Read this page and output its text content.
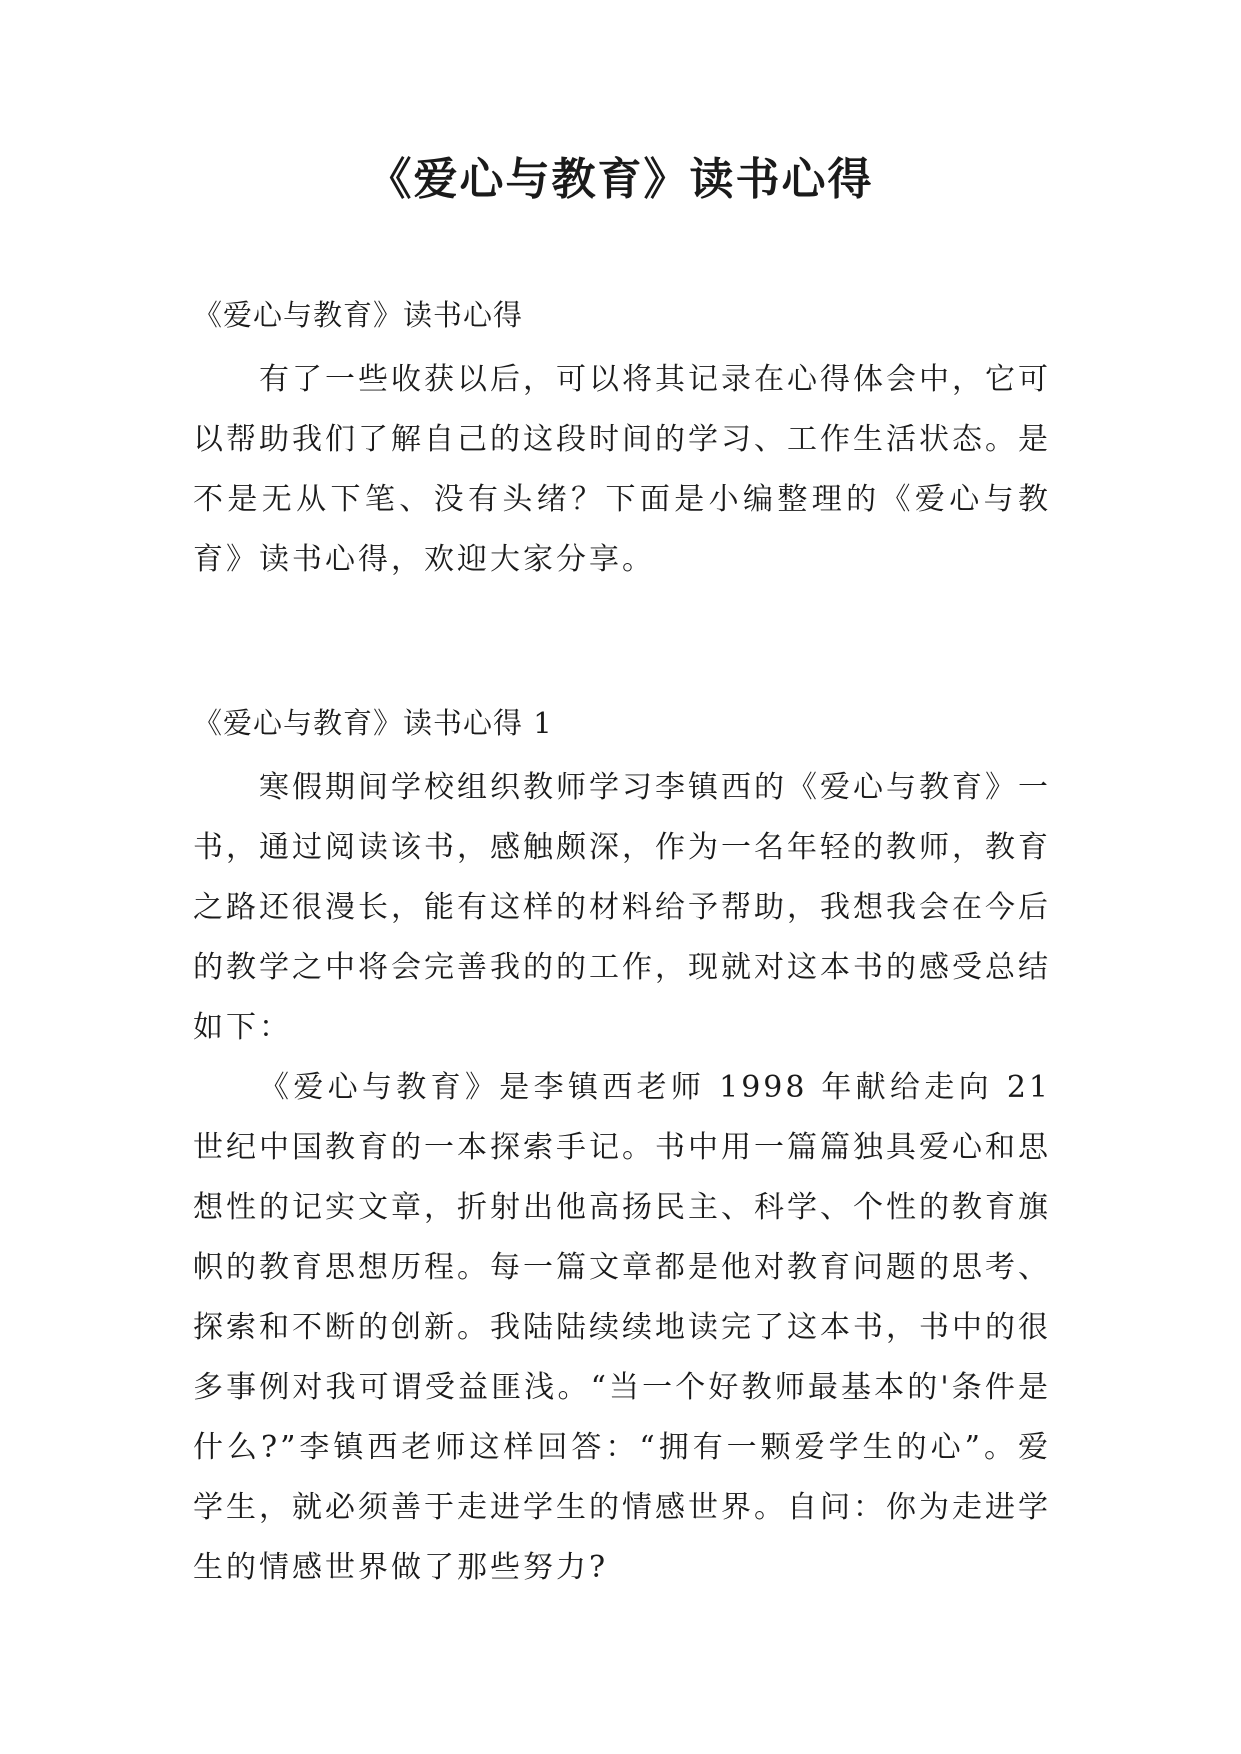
《爱心与教育》读书心得

《爱心与教育》读书心得

有了一些收获以后，可以将其记录在心得体会中，它可以帮助我们了解自己的这段时间的学习、工作生活状态。是不是无从下笔、没有头绪？下面是小编整理的《爱心与教育》读书心得，欢迎大家分享。

《爱心与教育》读书心得 1

寒假期间学校组织教师学习李镇西的《爱心与教育》一书，通过阅读该书，感触颇深，作为一名年轻的教师，教育之路还很漫长，能有这样的材料给予帮助，我想我会在今后的教学之中将会完善我的的工作，现就对这本书的感受总结如下：

《爱心与教育》是李镇西老师 1998 年献给走向 21 世纪中国教育的一本探索手记。书中用一篇篇独具爱心和思想性的记实文章，折射出他高扬民主、科学、个性的教育旗帜的教育思想历程。每一篇文章都是他对教育问题的思考、探索和不断的创新。我陆陆续续地读完了这本书，书中的很多事例对我可谓受益匪浅。“当一个好教师最基本的'条件是什么?”李镇西老师这样回答：“拥有一颗爱学生的心”。爱学生，就必须善于走进学生的情感世界。自问：你为走进学生的情感世界做了那些努力?
